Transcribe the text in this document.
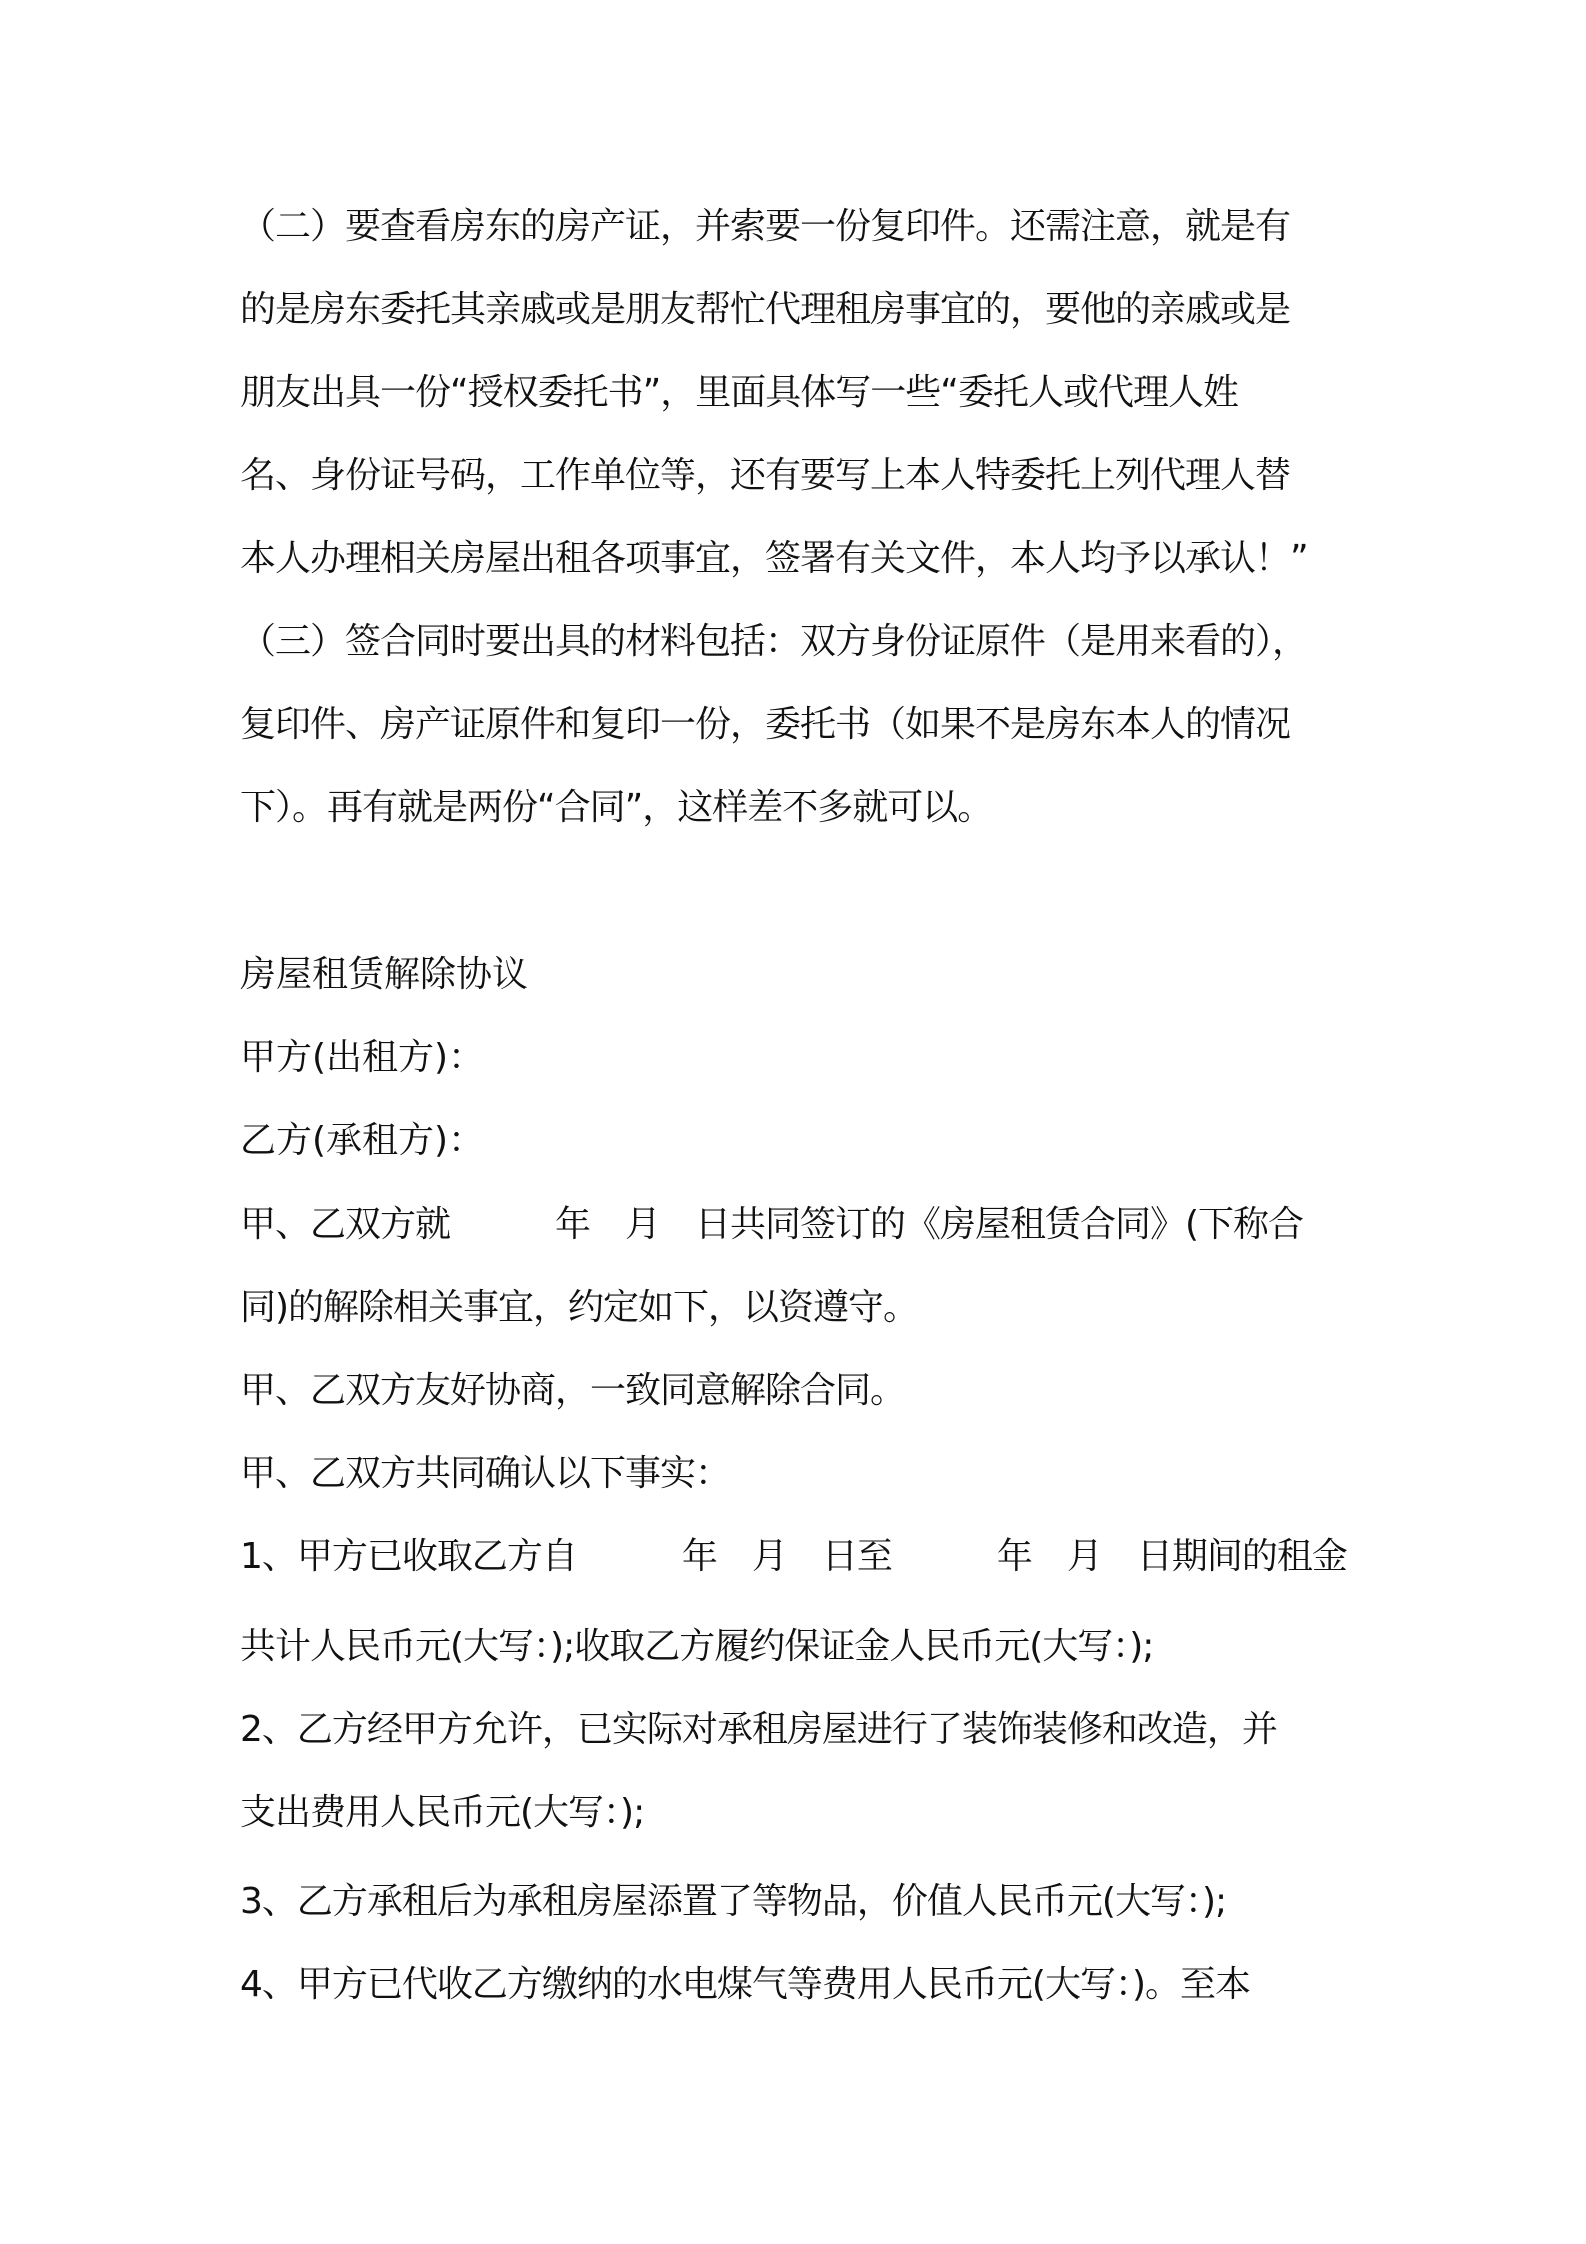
（二）要查看房东的房产证，并索要一份复印件。还需注意，就是有

的是房东委托其亲戚或是朋友帮忙代理租房事宜的，要他的亲戚或是

朋友出具一份“授权委托书”，里面具体写一些“委托人或代理人姓

名、身份证号码，工作单位等，还有要写上本人特委托上列代理人替

本人办理相关房屋出租各项事宜，签署有关文件，本人均予以承认！”

（三）签合同时要出具的材料包括：双方身份证原件（是用来看的），

复印件、房产证原件和复印一份，委托书（如果不是房东本人的情况

下）。再有就是两份“合同”，这样差不多就可以。

房屋租赁解除协议

甲方(出租方)：

乙方(承租方)：

甲、乙双方就　　　年　月　日共同签订的《房屋租赁合同》(下称合

同)的解除相关事宜，约定如下，以资遵守。

甲、乙双方友好协商，一致同意解除合同。

甲、乙双方共同确认以下事实：

1、甲方已收取乙方自　　　年　月　日至　　　年　月　日期间的租金

共计人民币元(大写：);收取乙方履约保证金人民币元(大写：);

2、乙方经甲方允许，已实际对承租房屋进行了装饰装修和改造，并

支出费用人民币元(大写：);

3、乙方承租后为承租房屋添置了等物品，价值人民币元(大写：);

4、甲方已代收乙方缴纳的水电煤气等费用人民币元(大写：)。至本
